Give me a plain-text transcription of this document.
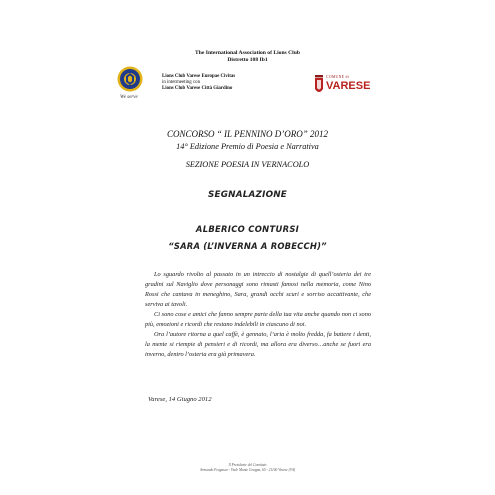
The International Association of Lions Club
Distretto 108 Ib1
We serve
Lions Club Varese Europae Civitas
in intermeeting con
Lions Club Varese Città Giardino
COMUNE di
VARESE
CONCORSO “ IL PENNINO D’ORO” 2012
14° Edizione Premio di Poesia e Narrativa
SEZIONE POESIA IN VERNACOLO
SEGNALAZIONE
ALBERICO CONTURSI
“SARA (L’INVERNA A ROBECCH)”

Lo sguardo rivolto al passato in un intreccio di nostalgie di quell’osteria dei tre gradini sul Naviglio dove personaggi sono rimasti famosi nella memoria, come Nino Rossi che cantava in meneghino, Sara, grandi occhi scuri e sorriso accattivante, che serviva ai tavoli.

Ci sono cose e amici che fanno sempre parte della tua vita anche quando non ci sono più, emozioni e ricordi che restano indelebili in ciascuno di noi.

Ora l’autore ritorna a quel caffè, è gennaio, l’aria è molto fredda, fa battere i denti, la mente si riempie di pensieri e di ricordi, ma allora era diverso…anche se fuori era inverno, dentro l’osteria era già primavera.

Varese, 14 Giugno 2012
Il Presidente del Comitato
Armando Fragasso - Viale Monte Grappa, 65 - 21100 Varese (VA)
